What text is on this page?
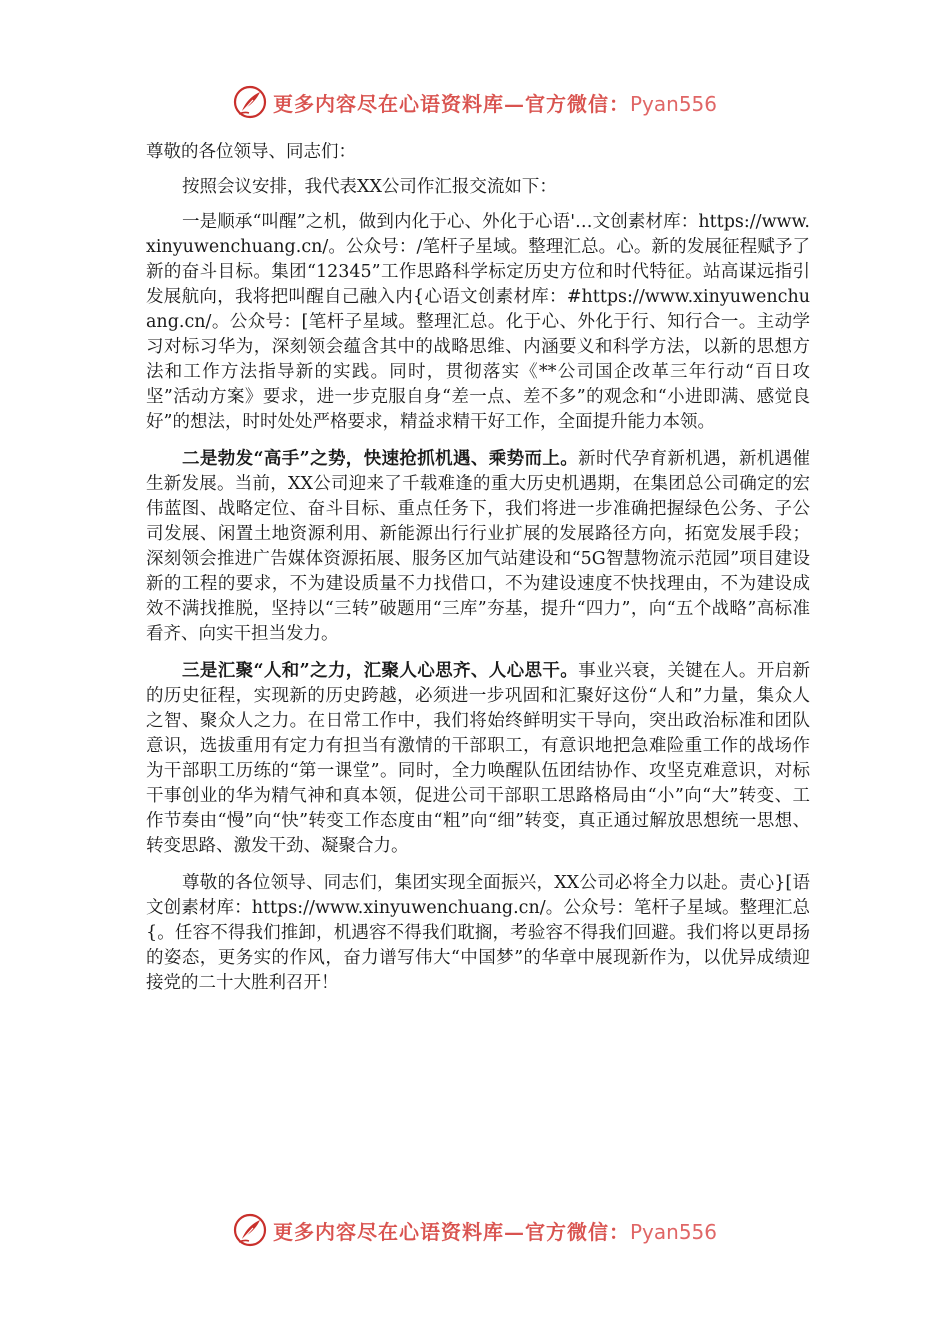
更多内容尽在心语资料库—官方微信：Pyan556

尊敬的各位领导、同志们：

按照会议安排，我代表XX公司作汇报交流如下：

一是顺承“叫醒”之机，做到内化于心、外化于心语'…文创素材库：https://www.xinyuwenchuang.cn/。公众号：/笔杆子星域。整理汇总。心。新的发展征程赋予了新的奋斗目标。集团“12345”工作思路科学标定历史方位和时代特征。站高谋远指引发展航向，我将把叫醒自己融入内{心语文创素材库：#https://www.xinyuwenchuang.cn/。公众号：[笔杆子星域。整理汇总。化于心、外化于行、知行合一。主动学习对标习华为，深刻领会蕴含其中的战略思维、内涵要义和科学方法，以新的思想方法和工作方法指导新的实践。同时，贯彻落实《**公司国企改革三年行动“百日攻坚”活动方案》要求，进一步克服自身“差一点、差不多”的观念和“小进即满、感觉良好”的想法，时时处处严格要求，精益求精干好工作，全面提升能力本领。

二是勃发“高手”之势，快速抢抓机遇、乘势而上。新时代孕育新机遇，新机遇催生新发展。当前，XX公司迎来了千载难逢的重大历史机遇期，在集团总公司确定的宏伟蓝图、战略定位、奋斗目标、重点任务下，我们将进一步准确把握绿色公务、子公司发展、闲置土地资源利用、新能源出行行业扩展的发展路径方向，拓宽发展手段；深刻领会推进广告媒体资源拓展、服务区加气站建设和“5G智慧物流示范园”项目建设新的工程的要求，不为建设质量不力找借口，不为建设速度不快找理由，不为建设成效不满找推脱，坚持以“三转”破题用“三库”夯基，提升“四力”，向“五个战略”高标准看齐、向实干担当发力。

三是汇聚“人和”之力，汇聚人心思齐、人心思干。事业兴衰，关键在人。开启新的历史征程，实现新的历史跨越，必须进一步巩固和汇聚好这份“人和”力量，集众人之智、聚众人之力。在日常工作中，我们将始终鲜明实干导向，突出政治标准和团队意识，选拔重用有定力有担当有激情的干部职工，有意识地把急难险重工作的战场作为干部职工历练的“第一课堂”。同时，全力唤醒队伍团结协作、攻坚克难意识，对标干事创业的华为精气神和真本领，促进公司干部职工思路格局由“小”向“大”转变、工作节奏由“慢”向“快”转变工作态度由“粗”向“细”转变，真正通过解放思想统一思想、转变思路、激发干劲、凝聚合力。

尊敬的各位领导、同志们，集团实现全面振兴，XX公司必将全力以赴。责心}[语文创素材库：https://www.xinyuwenchuang.cn/。公众号：笔杆子星域。整理汇总{。任容不得我们推卸，机遇容不得我们耽搁，考验容不得我们回避。我们将以更昂扬的姿态，更务实的作风，奋力谱写伟大“中国梦”的华章中展现新作为，以优异成绩迎接党的二十大胜利召开！

更多内容尽在心语资料库—官方微信：Pyan556
